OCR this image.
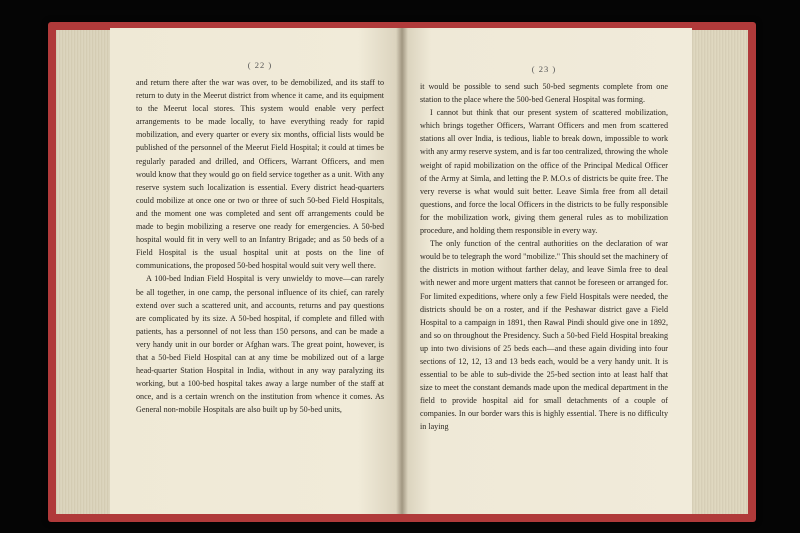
( 22 )

and return there after the war was over, to be demobilized, and its staff to return to duty in the Meerut district from whence it came, and its equipment to the Meerut local stores. This system would enable very perfect arrangements to be made locally, to have everything ready for rapid mobilization, and every quarter or every six months, official lists would be published of the personnel of the Meerut Field Hospital; it could at times be regularly paraded and drilled, and Officers, Warrant Officers, and men would know that they would go on field service together as a unit. With any reserve system such localization is essential. Every district head-quarters could mobilize at once one or two or three of such 50-bed Field Hospitals, and the moment one was completed and sent off arrangements could be made to begin mobilizing a reserve one ready for emergencies. A 50-bed hospital would fit in very well to an Infantry Brigade; and as 50 beds of a Field Hospital is the usual hospital unit at posts on the line of communications, the proposed 50-bed hospital would suit very well there.

A 100-bed Indian Field Hospital is very unwieldy to move—can rarely be all together, in one camp, the personal influence of its chief, can rarely extend over such a scattered unit, and accounts, returns and pay questions are complicated by its size. A 50-bed hospital, if complete and filled with patients, has a personnel of not less than 150 persons, and can be made a very handy unit in our border or Afghan wars. The great point, however, is that a 50-bed Field Hospital can at any time be mobilized out of a large head-quarter Station Hospital in India, without in any way paralyzing its working, but a 100-bed hospital takes away a large number of the staff at once, and is a certain wrench on the institution from whence it comes. As General non-mobile Hospitals are also built up by 50-bed units,

( 23 )

it would be possible to send such 50-bed segments complete from one station to the place where the 500-bed General Hospital was forming.

I cannot but think that our present system of scattered mobilization, which brings together Officers, Warrant Officers and men from scattered stations all over India, is tedious, liable to break down, impossible to work with any army reserve system, and is far too centralized, throwing the whole weight of rapid mobilization on the office of the Principal Medical Officer of the Army at Simla, and letting the P. M.O.s of districts be quite free. The very reverse is what would suit better. Leave Simla free from all detail questions, and force the local Officers in the districts to be fully responsible for the mobilization work, giving them general rules as to mobilization procedure, and holding them responsible in every way.

The only function of the central authorities on the declaration of war would be to telegraph the word "mobilize." This should set the machinery of the districts in motion without farther delay, and leave Simla free to deal with newer and more urgent matters that cannot be foreseen or arranged for. For limited expeditions, where only a few Field Hospitals were needed, the districts should be on a roster, and if the Peshawar district gave a Field Hospital to a campaign in 1891, then Rawal Pindi should give one in 1892, and so on throughout the Presidency. Such a 50-bed Field Hospital breaking up into two divisions of 25 beds each—and these again dividing into four sections of 12, 12, 13 and 13 beds each, would be a very handy unit. It is essential to be able to sub-divide the 25-bed section into at least half that size to meet the constant demands made upon the medical department in the field to provide hospital aid for small detachments of a couple of companies. In our border wars this is highly essential. There is no difficulty in laying
